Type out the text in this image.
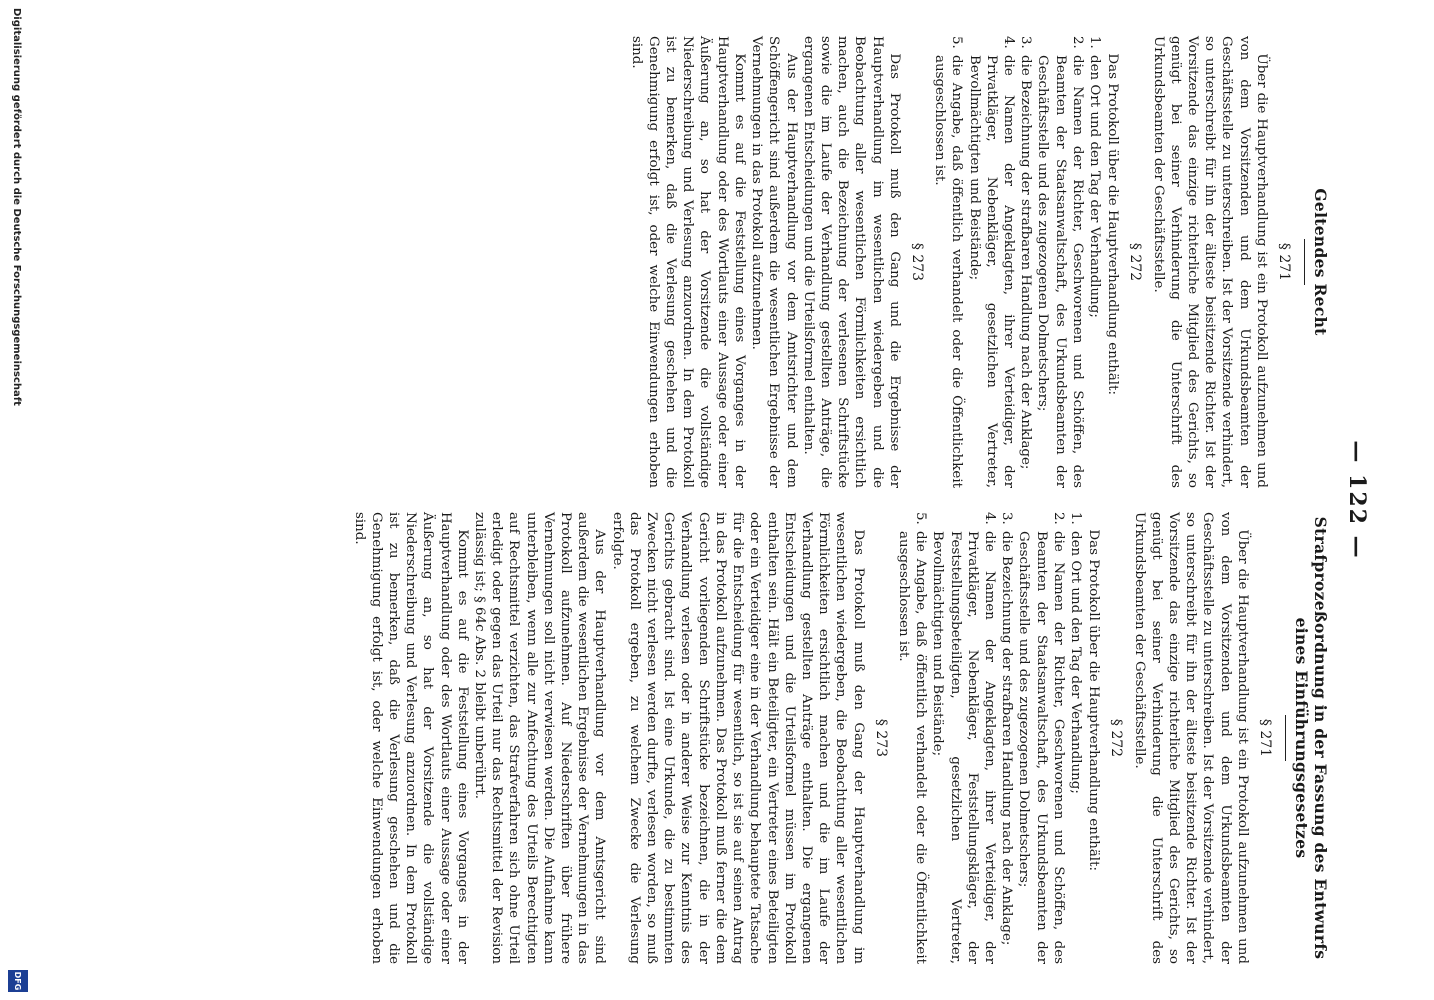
— 122 —
Geltendes Recht
§ 271

Über die Hauptverhandlung ist ein Protokoll aufzunehmen und von dem Vorsitzenden und dem Urkundsbeamten der Geschäftsstelle zu unterschreiben. Ist der Vorsitzende verhindert, so unterschreibt für ihn der älteste beisitzende Richter. Ist der Vorsitzende das einzige richterliche Mitglied des Gerichts, so genügt bei seiner Verhinderung die Unterschrift des Urkundsbeamten der Geschäftsstelle.

§ 272

Das Protokoll über die Hauptverhandlung enthält:

1.
den Ort und den Tag der Verhandlung;
2.
die Namen der Richter, Geschworenen und Schöffen, des Beamten der Staatsanwaltschaft, des Urkundsbeamten der Geschäftsstelle und des zugezogenen Dolmetschers;
3.
die Bezeichnung der strafbaren Handlung nach der Anklage;
4.
die Namen der Angeklagten, ihrer Verteidiger, der Privatkläger, Nebenkläger, gesetzlichen Vertreter, Bevollmächtigten und Beistände;
5.
die Angabe, daß öffentlich verhandelt oder die Öffentlichkeit ausgeschlossen ist.
§ 273

Das Protokoll muß den Gang und die Ergebnisse der Hauptverhandlung im wesentlichen wiedergeben und die Beobachtung aller wesentlichen Förmlichkeiten ersichtlich machen, auch die Bezeichnung der verlesenen Schriftstücke sowie die im Laufe der Verhandlung gestellten Anträge, die ergangenen Entscheidungen und die Urteilsformel enthalten.

Aus der Hauptverhandlung vor dem Amtsrichter und dem Schöffengericht sind außerdem die wesentlichen Ergebnisse der Vernehmungen in das Protokoll aufzunehmen.

Kommt es auf die Feststellung eines Vorganges in der Hauptverhandlung oder des Wortlauts einer Aussage oder einer Äußerung an, so hat der Vorsitzende die vollständige Niederschreibung und Verlesung anzuordnen. In dem Protokoll ist zu bemerken, daß die Verlesung geschehen und die Genehmigung erfolgt ist, oder welche Einwendungen erhoben sind.

Strafprozeßordnung in der Fassung des Entwurfs eines Einführungsgesetzes
§ 271

Über die Hauptverhandlung ist ein Protokoll aufzunehmen und von dem Vorsitzenden und dem Urkundsbeamten der Geschäftsstelle zu unterschreiben. Ist der Vorsitzende verhindert, so unterschreibt für ihn der älteste beisitzende Richter. Ist der Vorsitzende das einzige richterliche Mitglied des Gerichts, so genügt bei seiner Verhinderung die Unterschrift des Urkundsbeamten der Geschäftsstelle.

§ 272

Das Protokoll über die Hauptverhandlung enthält:

1.
den Ort und den Tag der Verhandlung;
2.
die Namen der Richter, Geschworenen und Schöffen, des Beamten der Staatsanwaltschaft, des Urkundsbeamten der Geschäftsstelle und des zugezogenen Dolmetschers;
3.
die Bezeichnung der strafbaren Handlung nach der Anklage;
4.
die Namen der Angeklagten, ihrer Verteidiger, der Privatkläger, Nebenkläger, Feststellungskläger, der Feststellungsbeteiligten, gesetzlichen Vertreter, Bevollmächtigten und Beistände;
5.
die Angabe, daß öffentlich verhandelt oder die Öffentlichkeit ausgeschlossen ist.
§ 273

Das Protokoll muß den Gang der Hauptverhandlung im wesentlichen wiedergeben, die Beobachtung aller wesentlichen Förmlichkeiten ersichtlich machen und die im Laufe der Verhandlung gestellten Anträge enthalten. Die ergangenen Entscheidungen und die Urteilsformel müssen im Protokoll enthalten sein. Hält ein Beteiligter, ein Vertreter eines Beteiligten oder ein Verteidiger eine in der Verhandlung behauptete Tatsache für die Entscheidung für wesentlich, so ist sie auf seinen Antrag in das Protokoll aufzunehmen. Das Protokoll muß ferner die dem Gericht vorliegenden Schriftstücke bezeichnen, die in der Verhandlung verlesen oder in anderer Weise zur Kenntnis des Gerichts gebracht sind. Ist eine Urkunde, die zu bestimmten Zwecken nicht verlesen werden durfte, verlesen worden, so muß das Protokoll ergeben, zu welchem Zwecke die Verlesung erfolgte.

Aus der Hauptverhandlung vor dem Amtsgericht sind außerdem die wesentlichen Ergebnisse der Vernehmungen in das Protokoll aufzunehmen. Auf Niederschriften über frühere Vernehmungen soll nicht verwiesen werden. Die Aufnahme kann unterbleiben, wenn alle zur Anfechtung des Urteils Berechtigten auf Rechtsmittel verzichten, das Strafverfahren sich ohne Urteil erledigt oder gegen das Urteil nur das Rechtsmittel der Revision zulässig ist; § 64c Abs. 2 bleibt unberührt.

Kommt es auf die Feststellung eines Vorganges in der Hauptverhandlung oder des Wortlauts einer Aussage oder einer Äußerung an, so hat der Vorsitzende die vollständige Niederschreibung und Verlesung anzuordnen. In dem Protokoll ist zu bemerken, daß die Verlesung geschehen und die Genehmigung erfolgt ist, oder welche Einwendungen erhoben sind.

Digitalisierung gefördert durch die Deutsche Forschungsgemeinschaft
DFG
